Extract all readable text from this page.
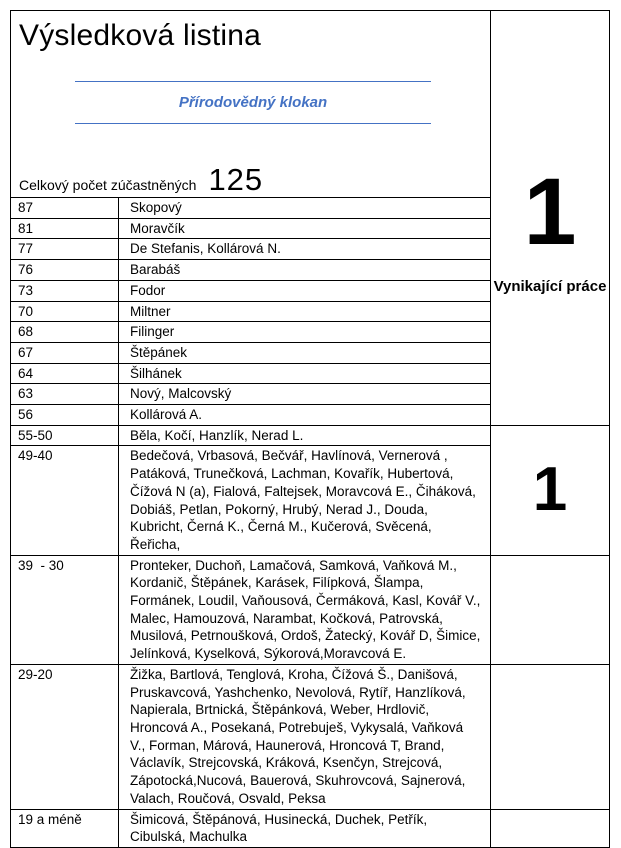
Výsledková listina
Přírodovědný klokan
Celkový počet zúčastněných 125	1
Vynikající práce
1
87	Skopový
81	Moravčík
77	De Stefanis, Kollárová N.
76	Barabáš
73	Fodor
70	Miltner
68	Filinger
67	Štěpánek
64	Šilhánek
63	Nový, Malcovský
56	Kollárová A.
55-50	Běla, Kočí, Hanzlík, Nerad L.
49-40	Bedečová, Vrbasová, Bečvář, Havlínová, Vernerová , Patáková, Trunečková, Lachman, Kovařík, Hubertová, Čížová N (a), Fialová, Faltejsek, Moravcová E., Čiháková, Dobiáš, Petlan, Pokorný, Hrubý, Nerad J., Douda, Kubricht, Černá K., Černá M., Kučerová, Svěcená, Řeřicha,
39  - 30	Pronteker, Duchoň, Lamačová, Samková, Vaňková M., Kordanič, Štěpánek, Karásek, Filípková, Šlampa, Formánek, Loudil, Vaňousová, Čermáková, Kasl, Kovář V., Malec, Hamouzová, Narambat, Kočková, Patrovská, Musilová, Petrnoušková, Ordoš, Žatecký, Kovář D, Šimice, Jelínková, Kyselková, Sýkorová,Moravcová E.
29-20	Žižka, Bartlová, Tenglová, Kroha, Čížová Š., Danišová, Pruskavcová, Yashchenko, Nevolová, Rytíř, Hanzlíková, Napierala, Brtnická, Štěpánková, Weber, Hrdlovič, Hroncová A., Posekaná, Potrebuješ, Vykysalá, Vaňková V., Forman, Márová, Haunerová, Hroncová T, Brand, Václavík, Strejcovská, Kráková, Ksenčyn, Strejcová, Zápotocká,Nucová, Bauerová, Skuhrovcová, Sajnerová, Valach, Roučová, Osvald, Peksa
19 a méně	Šimicová, Štěpánová, Husinecká, Duchek, Petřík, Cibulská, Machulka
